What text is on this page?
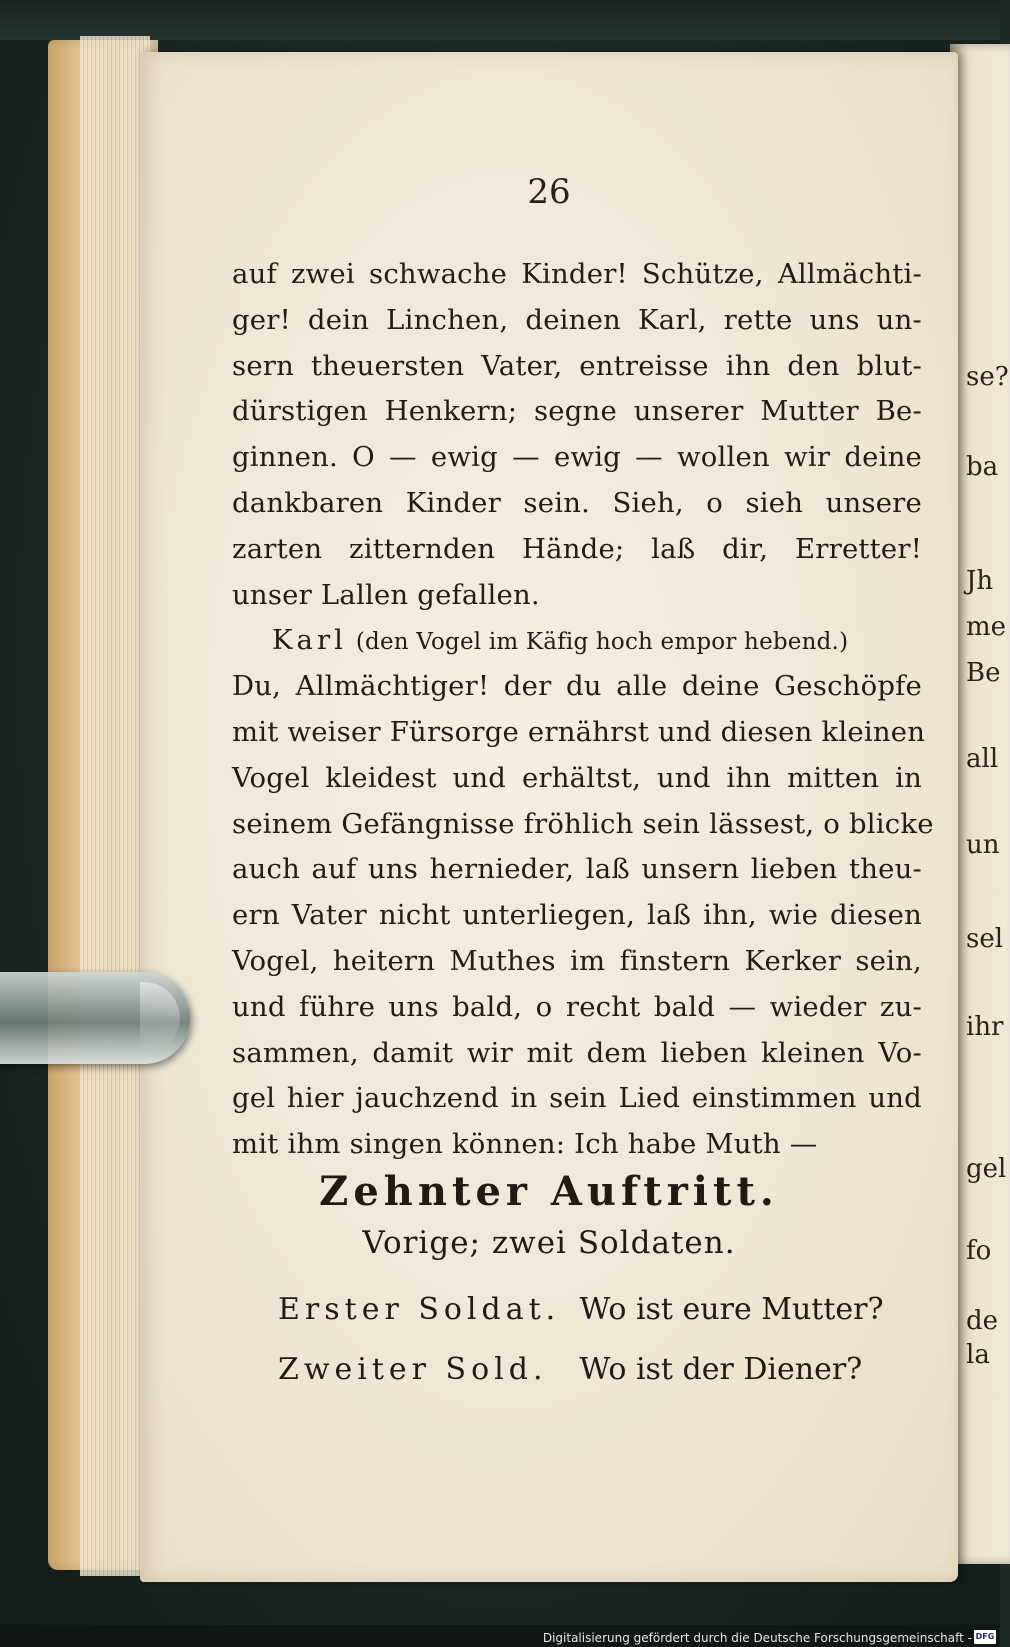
se?
ba
Jh
me
Be
all
un
sel
ihr
gel
fo
de
la
26
auf zwei schwache Kinder! Schütze, Allmächti-
ger! dein Linchen, deinen Karl, rette uns un-
sern theuersten Vater, entreisse ihn den blut-
dürstigen Henkern; segne unserer Mutter Be-
ginnen. O — ewig — ewig — wollen wir deine
dankbaren Kinder sein. Sieh, o sieh unsere
zarten zitternden Hände; laß dir, Erretter!
unser Lallen gefallen.
Karl (den Vogel im Käfig hoch empor hebend.)
Du, Allmächtiger! der du alle deine Geschöpfe
mit weiser Fürsorge ernährst und diesen kleinen
Vogel kleidest und erhältst, und ihn mitten in
seinem Gefängnisse fröhlich sein lässest, o blicke
auch auf uns hernieder, laß unsern lieben theu-
ern Vater nicht unterliegen, laß ihn, wie diesen
Vogel, heitern Muthes im finstern Kerker sein,
und führe uns bald, o recht bald — wieder zu-
sammen, damit wir mit dem lieben kleinen Vo-
gel hier jauchzend in sein Lied einstimmen und
mit ihm singen können: Ich habe Muth —
Zehnter Auftritt.
Vorige; zwei Soldaten.
Erster Soldat. Wo ist eure Mutter?
Zweiter Sold. Wo ist der Diener?
Digitalisierung gefördert durch die Deutsche Forschungsgemeinschaft - DFG
